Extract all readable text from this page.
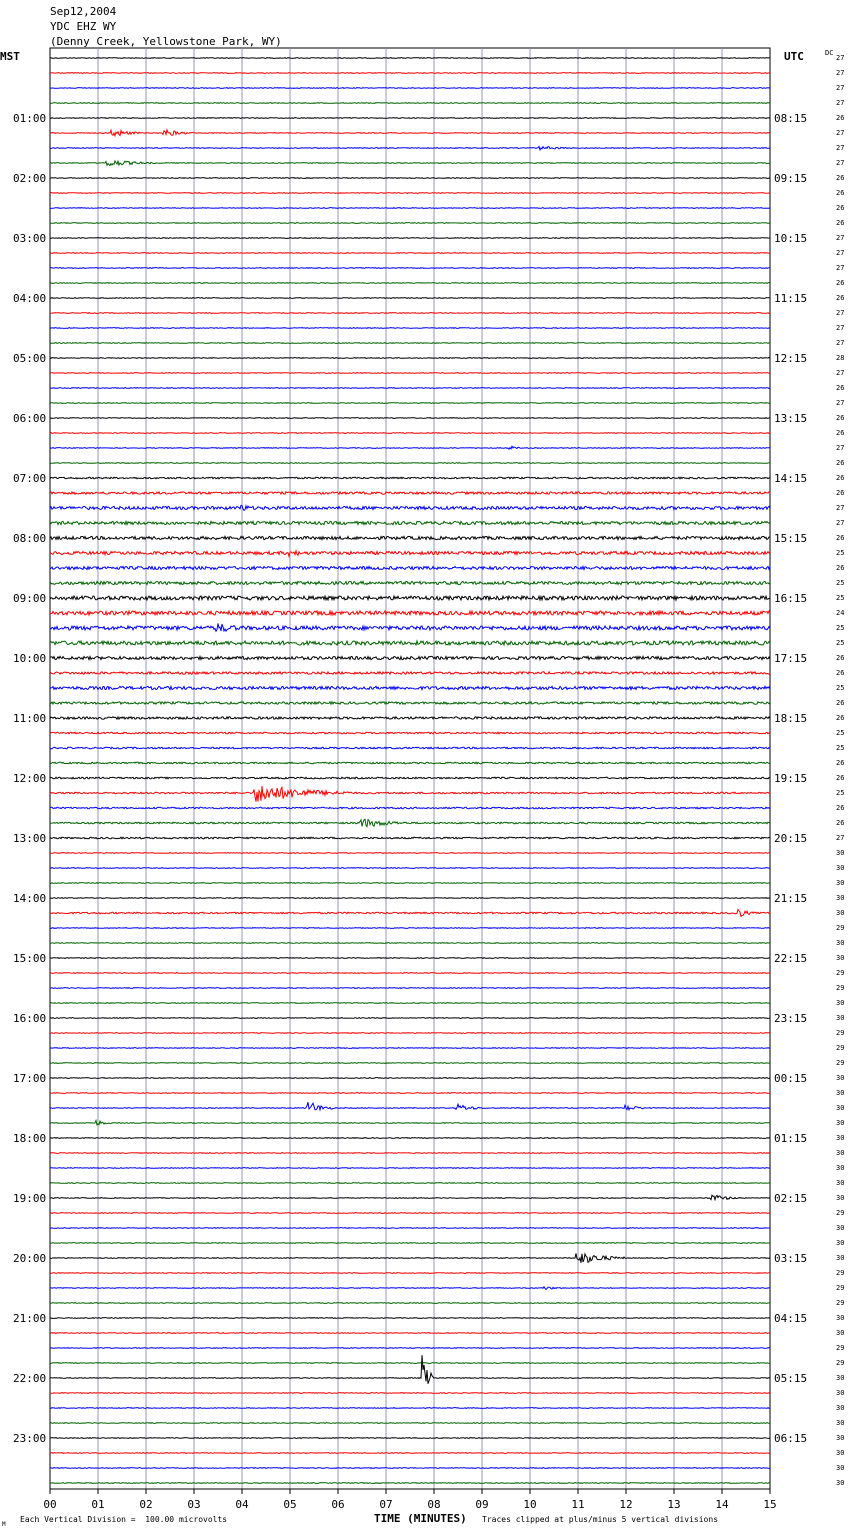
Sep12,2004
YDC EHZ WY
(Denny Creek, Yellowstone Park, WY)
MST	UTC	DC
27
27
27
27
26
01:00	08:15
27
27
27
26
02:00	09:15
26
26
26
27
03:00	10:15
27
27
26
26
04:00	11:15
27
27
27
28
05:00	12:15
27
26
27
26
06:00	13:15
26
27
26
26
07:00	14:15
26
27
27
26
08:00	15:15
25
26
25
25
09:00	16:15
24
25
25
26
10:00	17:15
26
25
26
26
11:00	18:15
25
25
26
26
12:00	19:15
25
26
26
27
13:00	20:15
30
30
30
30
14:00	21:15
30
29
30
30
15:00	22:15
29
29
30
30
16:00	23:15
29
29
29
30
17:00	00:15
30
30
30
30
18:00	01:15
30
30
30
30
19:00	02:15
29
30
30
30
20:00	03:15
29
29
29
30
21:00	04:15
30
29
29
30
22:00	05:15
30
30
30
30
23:00	06:15
30
30
30
00	01	02	03	04	05	06	07	08	09	10	11	12	13	14	15
Each Vertical Division =  100.00 microvolts	TIME (MINUTES) Traces clipped at plus/minus 5 vertical divisions
M
